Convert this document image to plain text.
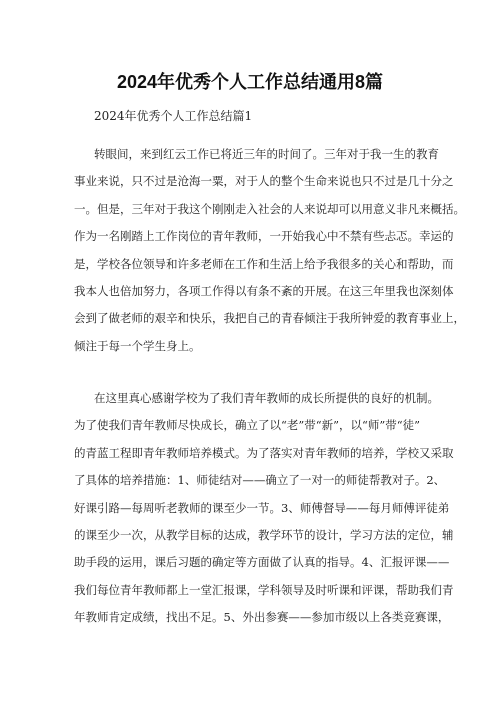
2024年优秀个人工作总结通用8篇

2024年优秀个人工作总结篇1

转眼间，来到红云工作已将近三年的时间了。三年对于我一生的教育
事业来说，只不过是沧海一粟，对于人的整个生命来说也只不过是几十分之
一。但是，三年对于我这个刚刚走入社会的人来说却可以用意义非凡来概括。
作为一名刚踏上工作岗位的青年教师，一开始我心中不禁有些忐忑。幸运的
是，学校各位领导和许多老师在工作和生活上给予我很多的关心和帮助，而
我本人也倍加努力，各项工作得以有条不紊的开展。在这三年里我也深刻体
会到了做老师的艰辛和快乐，我把自己的青春倾注于我所钟爱的教育事业上，
倾注于每一个学生身上。
在这里真心感谢学校为了我们青年教师的成长所提供的良好的机制。
为了使我们青年教师尽快成长，确立了以“老”带“新”，以“师”带“徒”
的青蓝工程即青年教师培养模式。为了落实对青年教师的培养，学校又采取
了具体的培养措施：1、师徒结对——确立了一对一的师徒帮教对子。2、
好课引路—每周听老教师的课至少一节。3、师傅督导——每月师傅评徒弟
的课至少一次，从教学目标的达成，教学环节的设计，学习方法的定位，辅
助手段的运用，课后习题的确定等方面做了认真的指导。4、汇报评课——
我们每位青年教师都上一堂汇报课，学科领导及时听课和评课，帮助我们青
年教师肯定成绩，找出不足。5、外出参赛——参加市级以上各类竞赛课，
